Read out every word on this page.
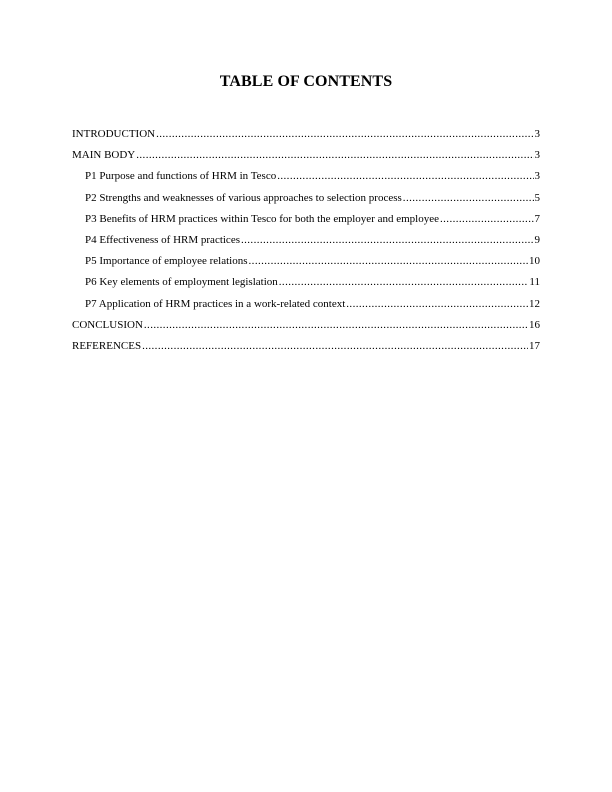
TABLE OF CONTENTS
INTRODUCTION .....	3
MAIN BODY .....	3
P1 Purpose and functions of HRM in Tesco .....	3
P2 Strengths and weaknesses of various approaches to selection process .....	5
P3 Benefits of HRM practices within Tesco for both the employer and employee .....	7
P4 Effectiveness of HRM practices .....	9
P5 Importance of employee relations .....	10
P6 Key elements of employment legislation .....	11
P7 Application of HRM practices in a work-related context .....	12
CONCLUSION .....	16
REFERENCES .....	17
